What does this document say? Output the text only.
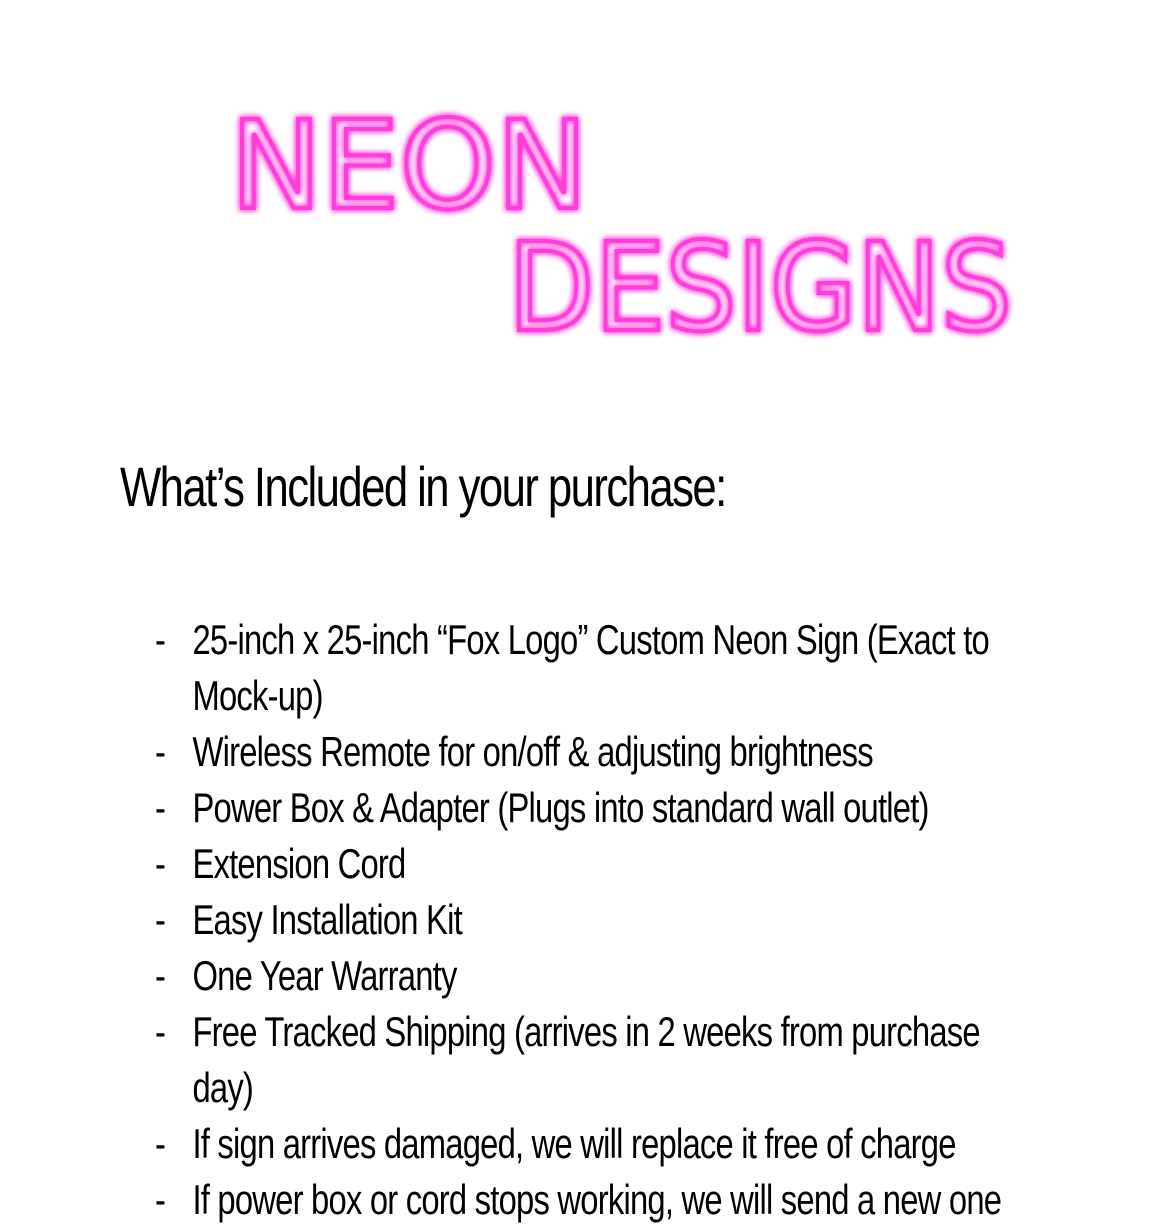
NEON
DESIGNS
What’s Included in your purchase:
- 25-inch x 25-inch “Fox Logo” Custom Neon Sign (Exact to Mock-up)
- Wireless Remote for on/off & adjusting brightness
- Power Box & Adapter (Plugs into standard wall outlet)
- Extension Cord
- Easy Installation Kit
- One Year Warranty
- Free Tracked Shipping (arrives in 2 weeks from purchase day)
- If sign arrives damaged, we will replace it free of charge
- If power box or cord stops working, we will send a new one
